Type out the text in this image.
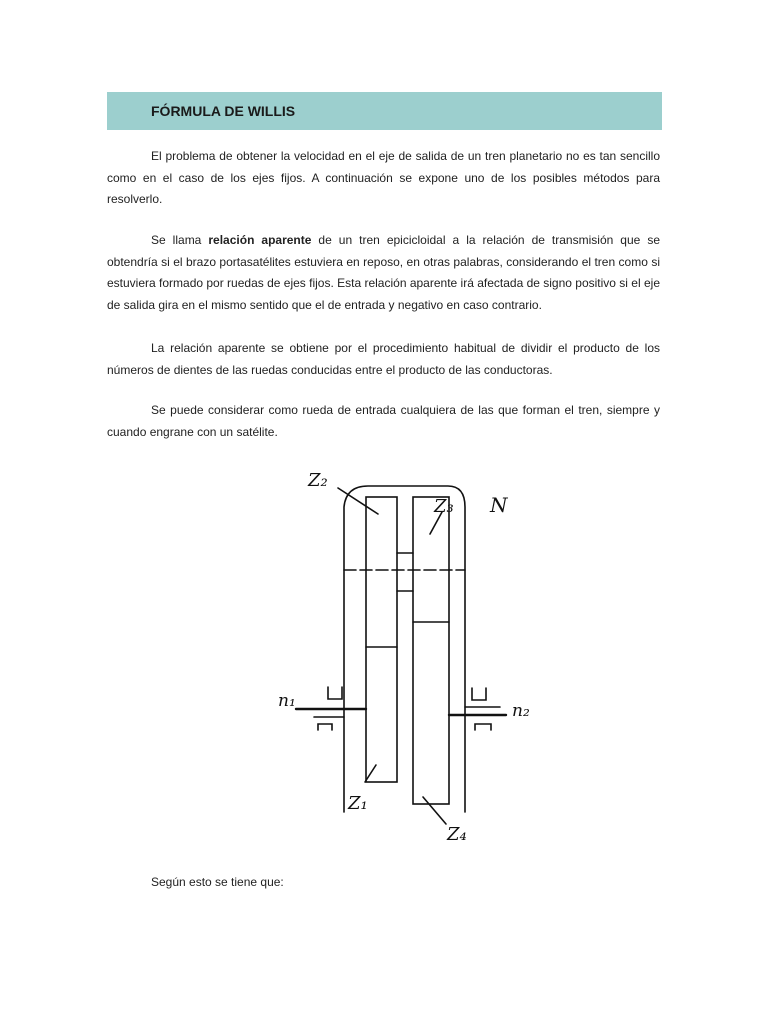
FÓRMULA DE WILLIS

El problema de obtener la velocidad en el eje de salida de un tren planetario no es tan sencillo como en el caso de los ejes fijos. A continuación se expone uno de los posibles métodos para resolverlo.

Se llama relación aparente de un tren epicicloidal a la relación de transmisión que se obtendría si el brazo portasatélites estuviera en reposo, en otras palabras, considerando el tren como si estuviera formado por ruedas de ejes fijos. Esta relación aparente irá afectada de signo positivo si el eje de salida gira en el mismo sentido que el de entrada y negativo en caso contrario.

La relación aparente se obtiene por el procedimiento habitual de dividir el producto de los números de dientes de las ruedas conducidas entre el producto de las conductoras.

Se puede considerar como rueda de entrada cualquiera de las que forman el tren, siempre y cuando engrane con un satélite.

Z₂
Z₃ N
n₁	n₂
Z₁
Z₄

Según esto se tiene que:
